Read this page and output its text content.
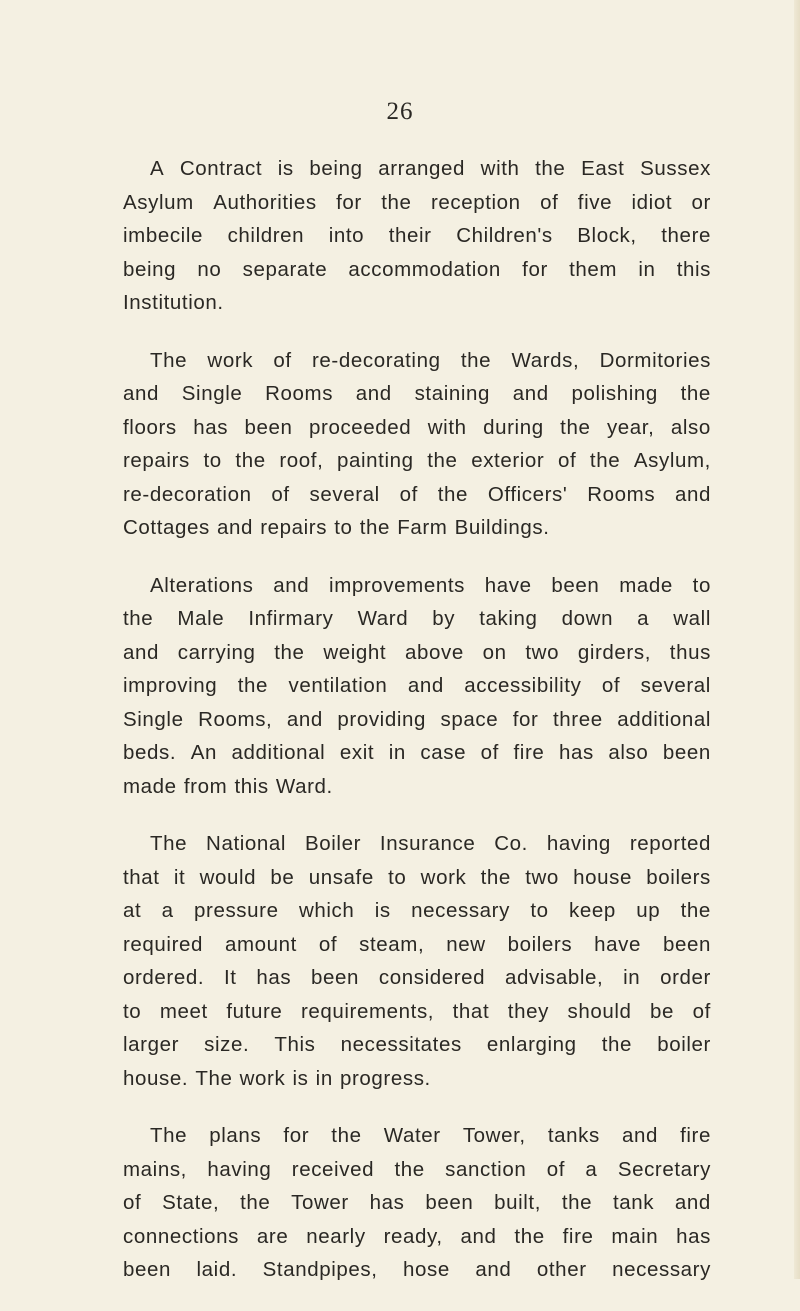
26
A Contract is being arranged with the East Sussex
Asylum Authorities for the reception of five idiot or
imbecile children into their Children's Block, there
being no separate accommodation for them in this
Institution.
The work of re-decorating the Wards, Dormitories
and Single Rooms and staining and polishing the
floors has been proceeded with during the year, also
repairs to the roof, painting the exterior of the Asylum,
re-decoration of several of the Officers' Rooms and
Cottages and repairs to the Farm Buildings.
Alterations and improvements have been made to
the Male Infirmary Ward by taking down a wall
and carrying the weight above on two girders, thus
improving the ventilation and accessibility of several
Single Rooms, and providing space for three additional
beds. An additional exit in case of fire has also been
made from this Ward.
The National Boiler Insurance Co. having reported
that it would be unsafe to work the two house boilers
at a pressure which is necessary to keep up the
required amount of steam, new boilers have been
ordered. It has been considered advisable, in order
to meet future requirements, that they should be of
larger size. This necessitates enlarging the boiler
house. The work is in progress.
The plans for the Water Tower, tanks and fire
mains, having received the sanction of a Secretary
of State, the Tower has been built, the tank and
connections are nearly ready, and the fire main has
been laid. Standpipes, hose and other necessary
